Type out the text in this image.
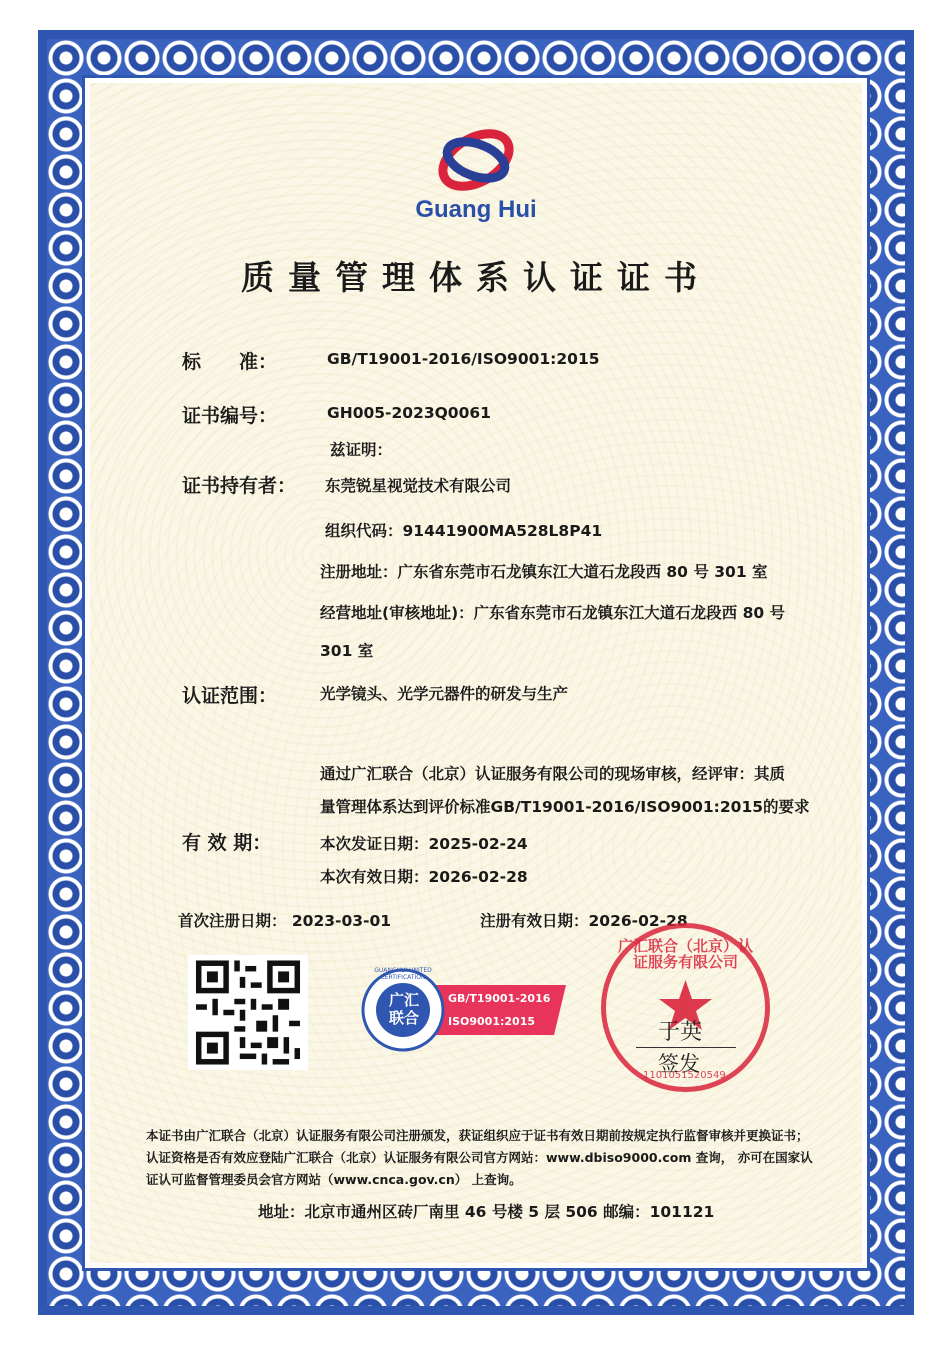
Guang Hui
质量管理体系认证证书
标　　准：	GB/T19001-2016/ISO9001:2015
证书编号：	GH005-2023Q0061
兹证明：
证书持有者： 东莞锐星视觉技术有限公司
组织代码：91441900MA528L8P41
注册地址：广东省东莞市石龙镇东江大道石龙段西 80 号 301 室
经营地址(审核地址)：广东省东莞市石龙镇东江大道石龙段西 80 号
301 室
认证范围：	光学镜头、光学元器件的研发与生产
通过广汇联合（北京）认证服务有限公司的现场审核，经评审：其质
量管理体系达到评价标准GB/T19001-2016/ISO9001:2015的要求
有 效 期：	本次发证日期：2025-02-24
本次有效日期：2026-02-28
首次注册日期： 2023-03-01	注册有效日期：2026-02-28
广汇
联合
GUANGHUI UNITED CERTIFICATION
GB/T19001-2016
ISO9001:2015
广汇联合（北京）认证服务有限公司
1101051520549
于英
签发
本证书由广汇联合（北京）认证服务有限公司注册颁发，获证组织应于证书有效日期前按规定执行监督审核并更换证书；
认证资格是否有效应登陆广汇联合（北京）认证服务有限公司官方网站：www.dbiso9000.com 查询， 亦可在国家认
证认可监督管理委员会官方网站（www.cnca.gov.cn） 上查询。
地址：北京市通州区砖厂南里 46 号楼 5 层 506 邮编：101121
